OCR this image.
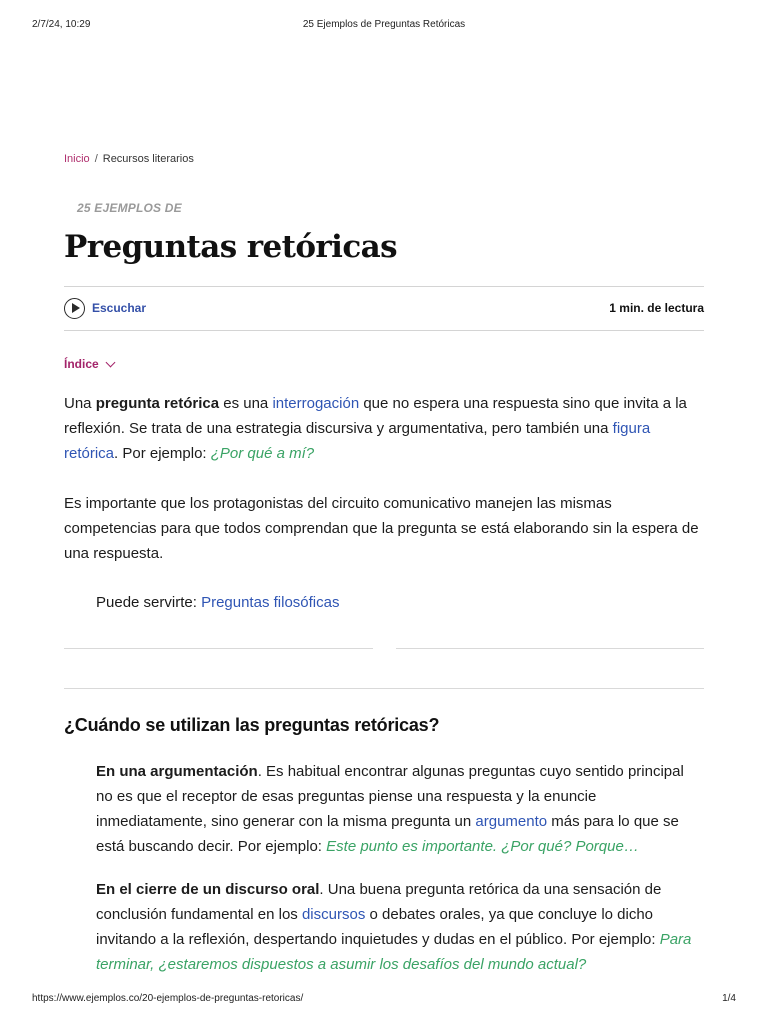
2/7/24, 10:29	25 Ejemplos de Preguntas Retóricas
Inicio / Recursos literarios
25 EJEMPLOS DE
Preguntas retóricas
Escuchar	1 min. de lectura
Índice

Una pregunta retórica es una interrogación que no espera una respuesta sino que invita a la reflexión. Se trata de una estrategia discursiva y argumentativa, pero también una figura retórica. Por ejemplo: ¿Por qué a mí?

Es importante que los protagonistas del circuito comunicativo manejen las mismas competencias para que todos comprendan que la pregunta se está elaborando sin la espera de una respuesta.

Puede servirte: Preguntas filosóficas

¿Cuándo se utilizan las preguntas retóricas?

En una argumentación. Es habitual encontrar algunas preguntas cuyo sentido principal no es que el receptor de esas preguntas piense una respuesta y la enuncie inmediatamente, sino generar con la misma pregunta un argumento más para lo que se está buscando decir. Por ejemplo: Este punto es importante. ¿Por qué? Porque…

En el cierre de un discurso oral. Una buena pregunta retórica da una sensación de conclusión fundamental en los discursos o debates orales, ya que concluye lo dicho invitando a la reflexión, despertando inquietudes y dudas en el público. Por ejemplo: Para terminar, ¿estaremos dispuestos a asumir los desafíos del mundo actual?

https://www.ejemplos.co/20-ejemplos-de-preguntas-retoricas/	1/4
